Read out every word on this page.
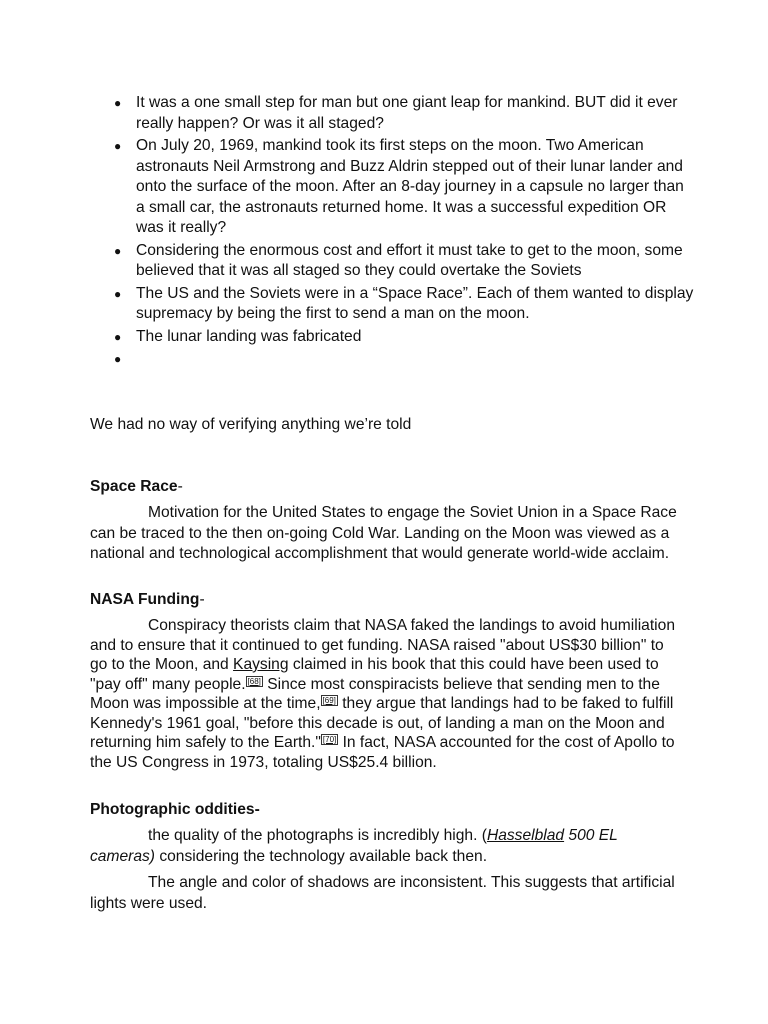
● It was a one small step for man but one giant leap for mankind. BUT did it ever really happen? Or was it all staged?
● On July 20, 1969, mankind took its first steps on the moon. Two American astronauts Neil Armstrong and Buzz Aldrin stepped out of their lunar lander and onto the surface of the moon. After an 8-day journey in a capsule no larger than a small car, the astronauts returned home. It was a successful expedition OR was it really?
● Considering the enormous cost and effort it must take to get to the moon, some believed that it was all staged so they could overtake the Soviets
● The US and the Soviets were in a “Space Race”. Each of them wanted to display supremacy by being the first to send a man on the moon.
● The lunar landing was fabricated
●
We had no way of verifying anything we’re told
Space Race-

Motivation for the United States to engage the Soviet Union in a Space Race can be traced to the then on-going Cold War. Landing on the Moon was viewed as a national and technological accomplishment that would generate world-wide acclaim.

NASA Funding-

Conspiracy theorists claim that NASA faked the landings to avoid humiliation and to ensure that it continued to get funding. NASA raised "about US$30 billion" to go to the Moon, and Kaysing claimed in his book that this could have been used to "pay off" many people. [68] Since most conspiracists believe that sending men to the Moon was impossible at the time, [69] they argue that landings had to be faked to fulfill Kennedy's 1961 goal, "before this decade is out, of landing a man on the Moon and returning him safely to the Earth." [70] In fact, NASA accounted for the cost of Apollo to the US Congress in 1973, totaling US$25.4 billion.

Photographic oddities-

the quality of the photographs is incredibly high. (Hasselblad 500 EL cameras) considering the technology available back then.

The angle and color of shadows are inconsistent. This suggests that artificial lights were used.
